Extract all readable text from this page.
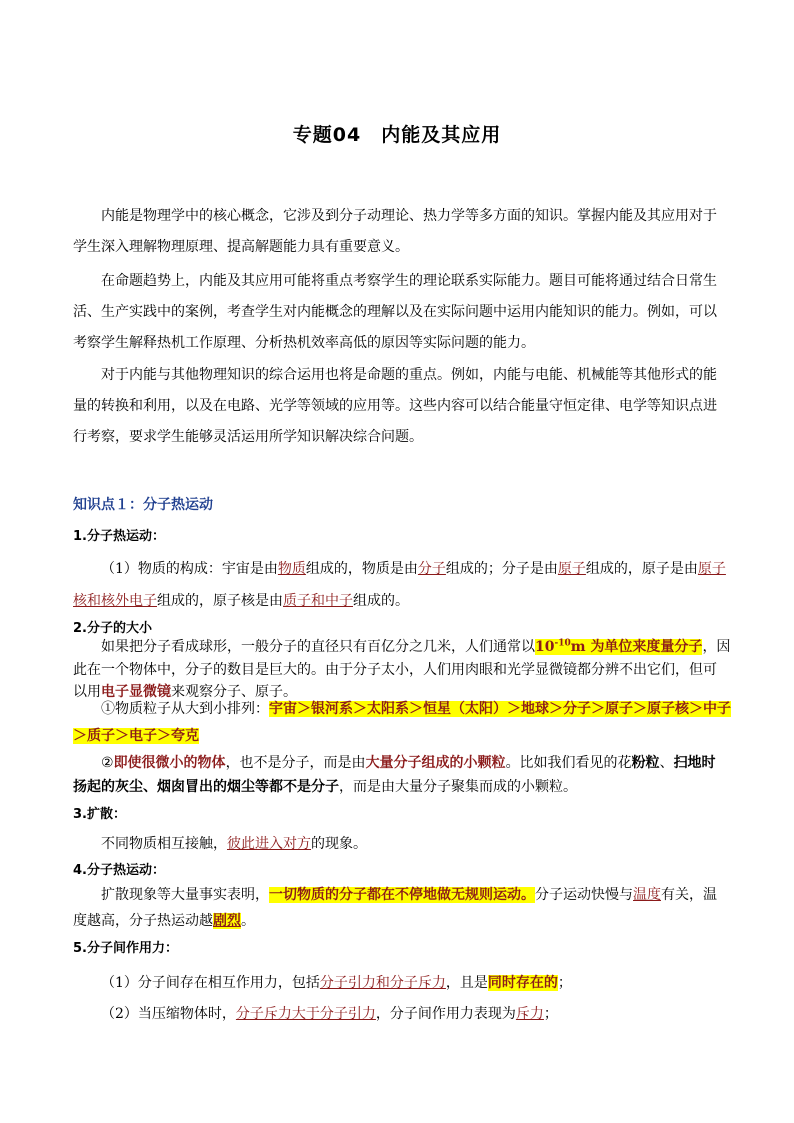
专题04　内能及其应用

内能是物理学中的核心概念，它涉及到分子动理论、热力学等多方面的知识。掌握内能及其应用对于学生深入理解物理原理、提高解题能力具有重要意义。

在命题趋势上，内能及其应用可能将重点考察学生的理论联系实际能力。题目可能将通过结合日常生活、生产实践中的案例，考查学生对内能概念的理解以及在实际问题中运用内能知识的能力。例如，可以考察学生解释热机工作原理、分析热机效率高低的原因等实际问题的能力。

对于内能与其他物理知识的综合运用也将是命题的重点。例如，内能与电能、机械能等其他形式的能量的转换和利用，以及在电路、光学等领域的应用等。这些内容可以结合能量守恒定律、电学等知识点进行考察，要求学生能够灵活运用所学知识解决综合问题。

知识点１：分子热运动
1.分子热运动：
（1）物质的构成：宇宙是由物质组成的，物质是由分子组成的；分子是由原子组成的，原子是由原子
核和核外电子组成的，原子核是由质子和中子组成的。
2.分子的大小
如果把分子看成球形，一般分子的直径只有百亿分之几米，人们通常以$10^{-10}m$ 为单位来度量分子，因
此在一个物体中，分子的数目是巨大的。由于分子太小，人们用肉眼和光学显微镜都分辨不出它们，但可
以用电子显微镜来观察分子、原子。
①物质粒子从大到小排列：宇宙＞银河系＞太阳系＞恒星（太阳）＞地球＞分子＞原子＞原子核＞中子
＞质子＞电子＞夸克
②即使很微小的物体，也不是分子，而是由大量分子组成的小颗粒。比如我们看见的花粉粒、扫地时
扬起的灰尘、烟囱冒出的烟尘等都不是分子，而是由大量分子聚集而成的小颗粒。
3.扩散：
不同物质相互接触，彼此进入对方的现象。
4.分子热运动：
扩散现象等大量事实表明，一切物质的分子都在不停地做无规则运动。分子运动快慢与温度有关，温
度越高，分子热运动越剧烈。
5.分子间作用力：
（1）分子间存在相互作用力，包括分子引力和分子斥力，且是同时存在的；
（2）当压缩物体时，分子斥力大于分子引力，分子间作用力表现为斥力；
